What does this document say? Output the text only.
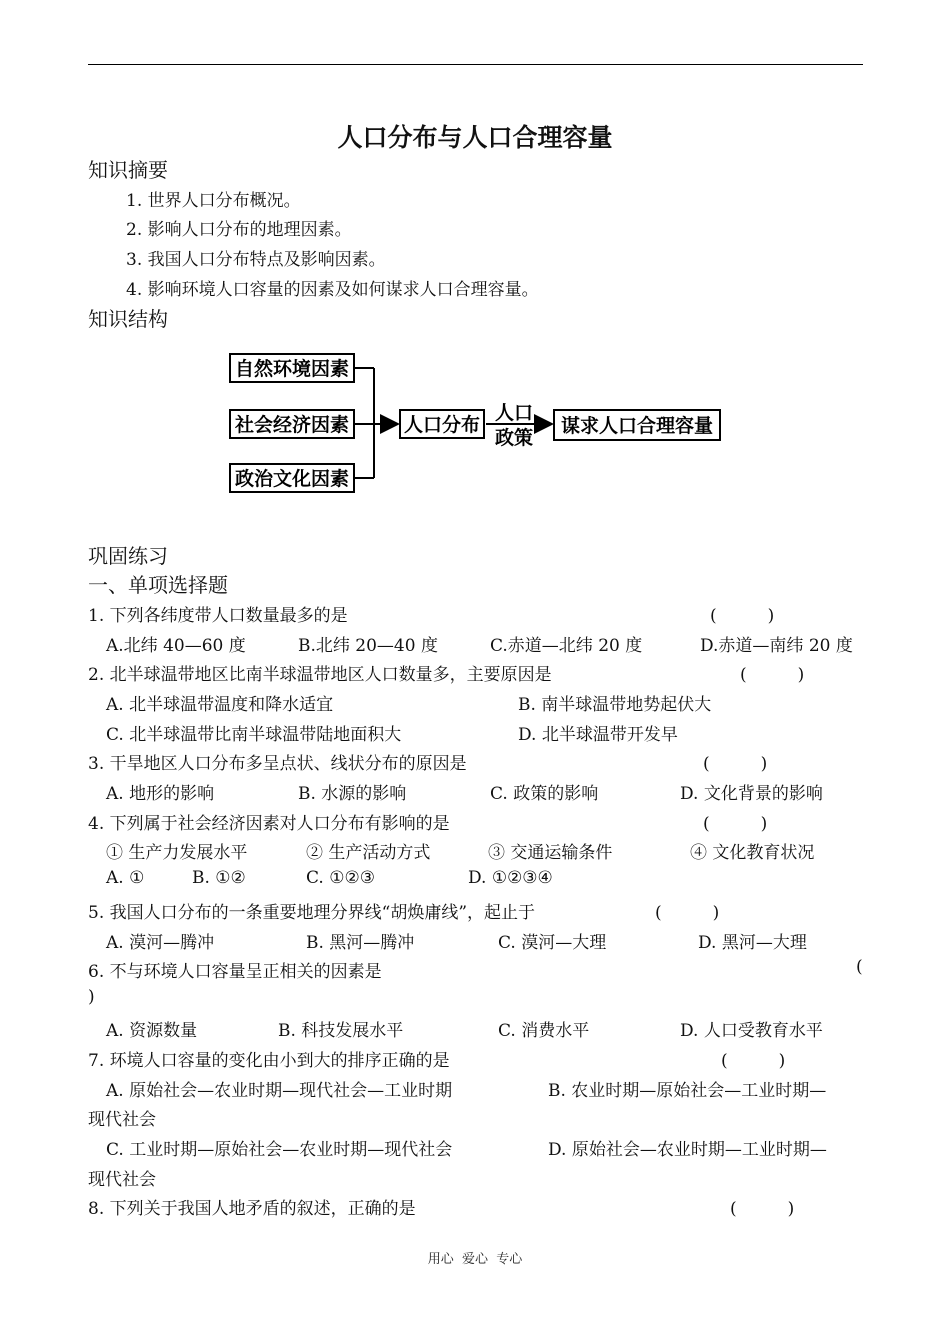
人口分布与人口合理容量
知识摘要
1. 世界人口分布概况。
2. 影响人口分布的地理因素。
3. 我国人口分布特点及影响因素。
4. 影响环境人口容量的因素及如何谋求人口合理容量。
知识结构
自然环境因素
社会经济因素
政治文化因素
人口分布
人口
政策
谋求人口合理容量
巩固练习
一、单项选择题
1. 下列各纬度带人口数量最多的是	(　　　)
A.北纬 40—60 度	B.北纬 20—40 度	C.赤道—北纬 20 度	D.赤道—南纬 20 度
2. 北半球温带地区比南半球温带地区人口数量多，主要原因是	(　　　)
A. 北半球温带温度和降水适宜	B. 南半球温带地势起伏大
C. 北半球温带比南半球温带陆地面积大	D. 北半球温带开发早
3. 干旱地区人口分布多呈点状、线状分布的原因是	(　　　)
A. 地形的影响	B. 水源的影响	C. 政策的影响	D. 文化背景的影响
4. 下列属于社会经济因素对人口分布有影响的是	(　　　)
① 生产力发展水平	② 生产活动方式	③ 交通运输条件	④ 文化教育状况
A. ①	B. ①②	C. ①②③	D. ①②③④
5. 我国人口分布的一条重要地理分界线“胡焕庸线”，起止于	(　　　)
A. 漠河—腾冲	B. 黑河—腾冲	C. 漠河—大理	D. 黑河—大理
6. 不与环境人口容量呈正相关的因素是	(
)
A. 资源数量	B. 科技发展水平	C. 消费水平	D. 人口受教育水平
7. 环境人口容量的变化由小到大的排序正确的是	(　　　)
A. 原始社会—农业时期—现代社会—工业时期	B. 农业时期—原始社会—工业时期—
现代社会
C. 工业时期—原始社会—农业时期—现代社会	D. 原始社会—农业时期—工业时期—
现代社会
8. 下列关于我国人地矛盾的叙述，正确的是	(　　　)
用心  爱心  专心
